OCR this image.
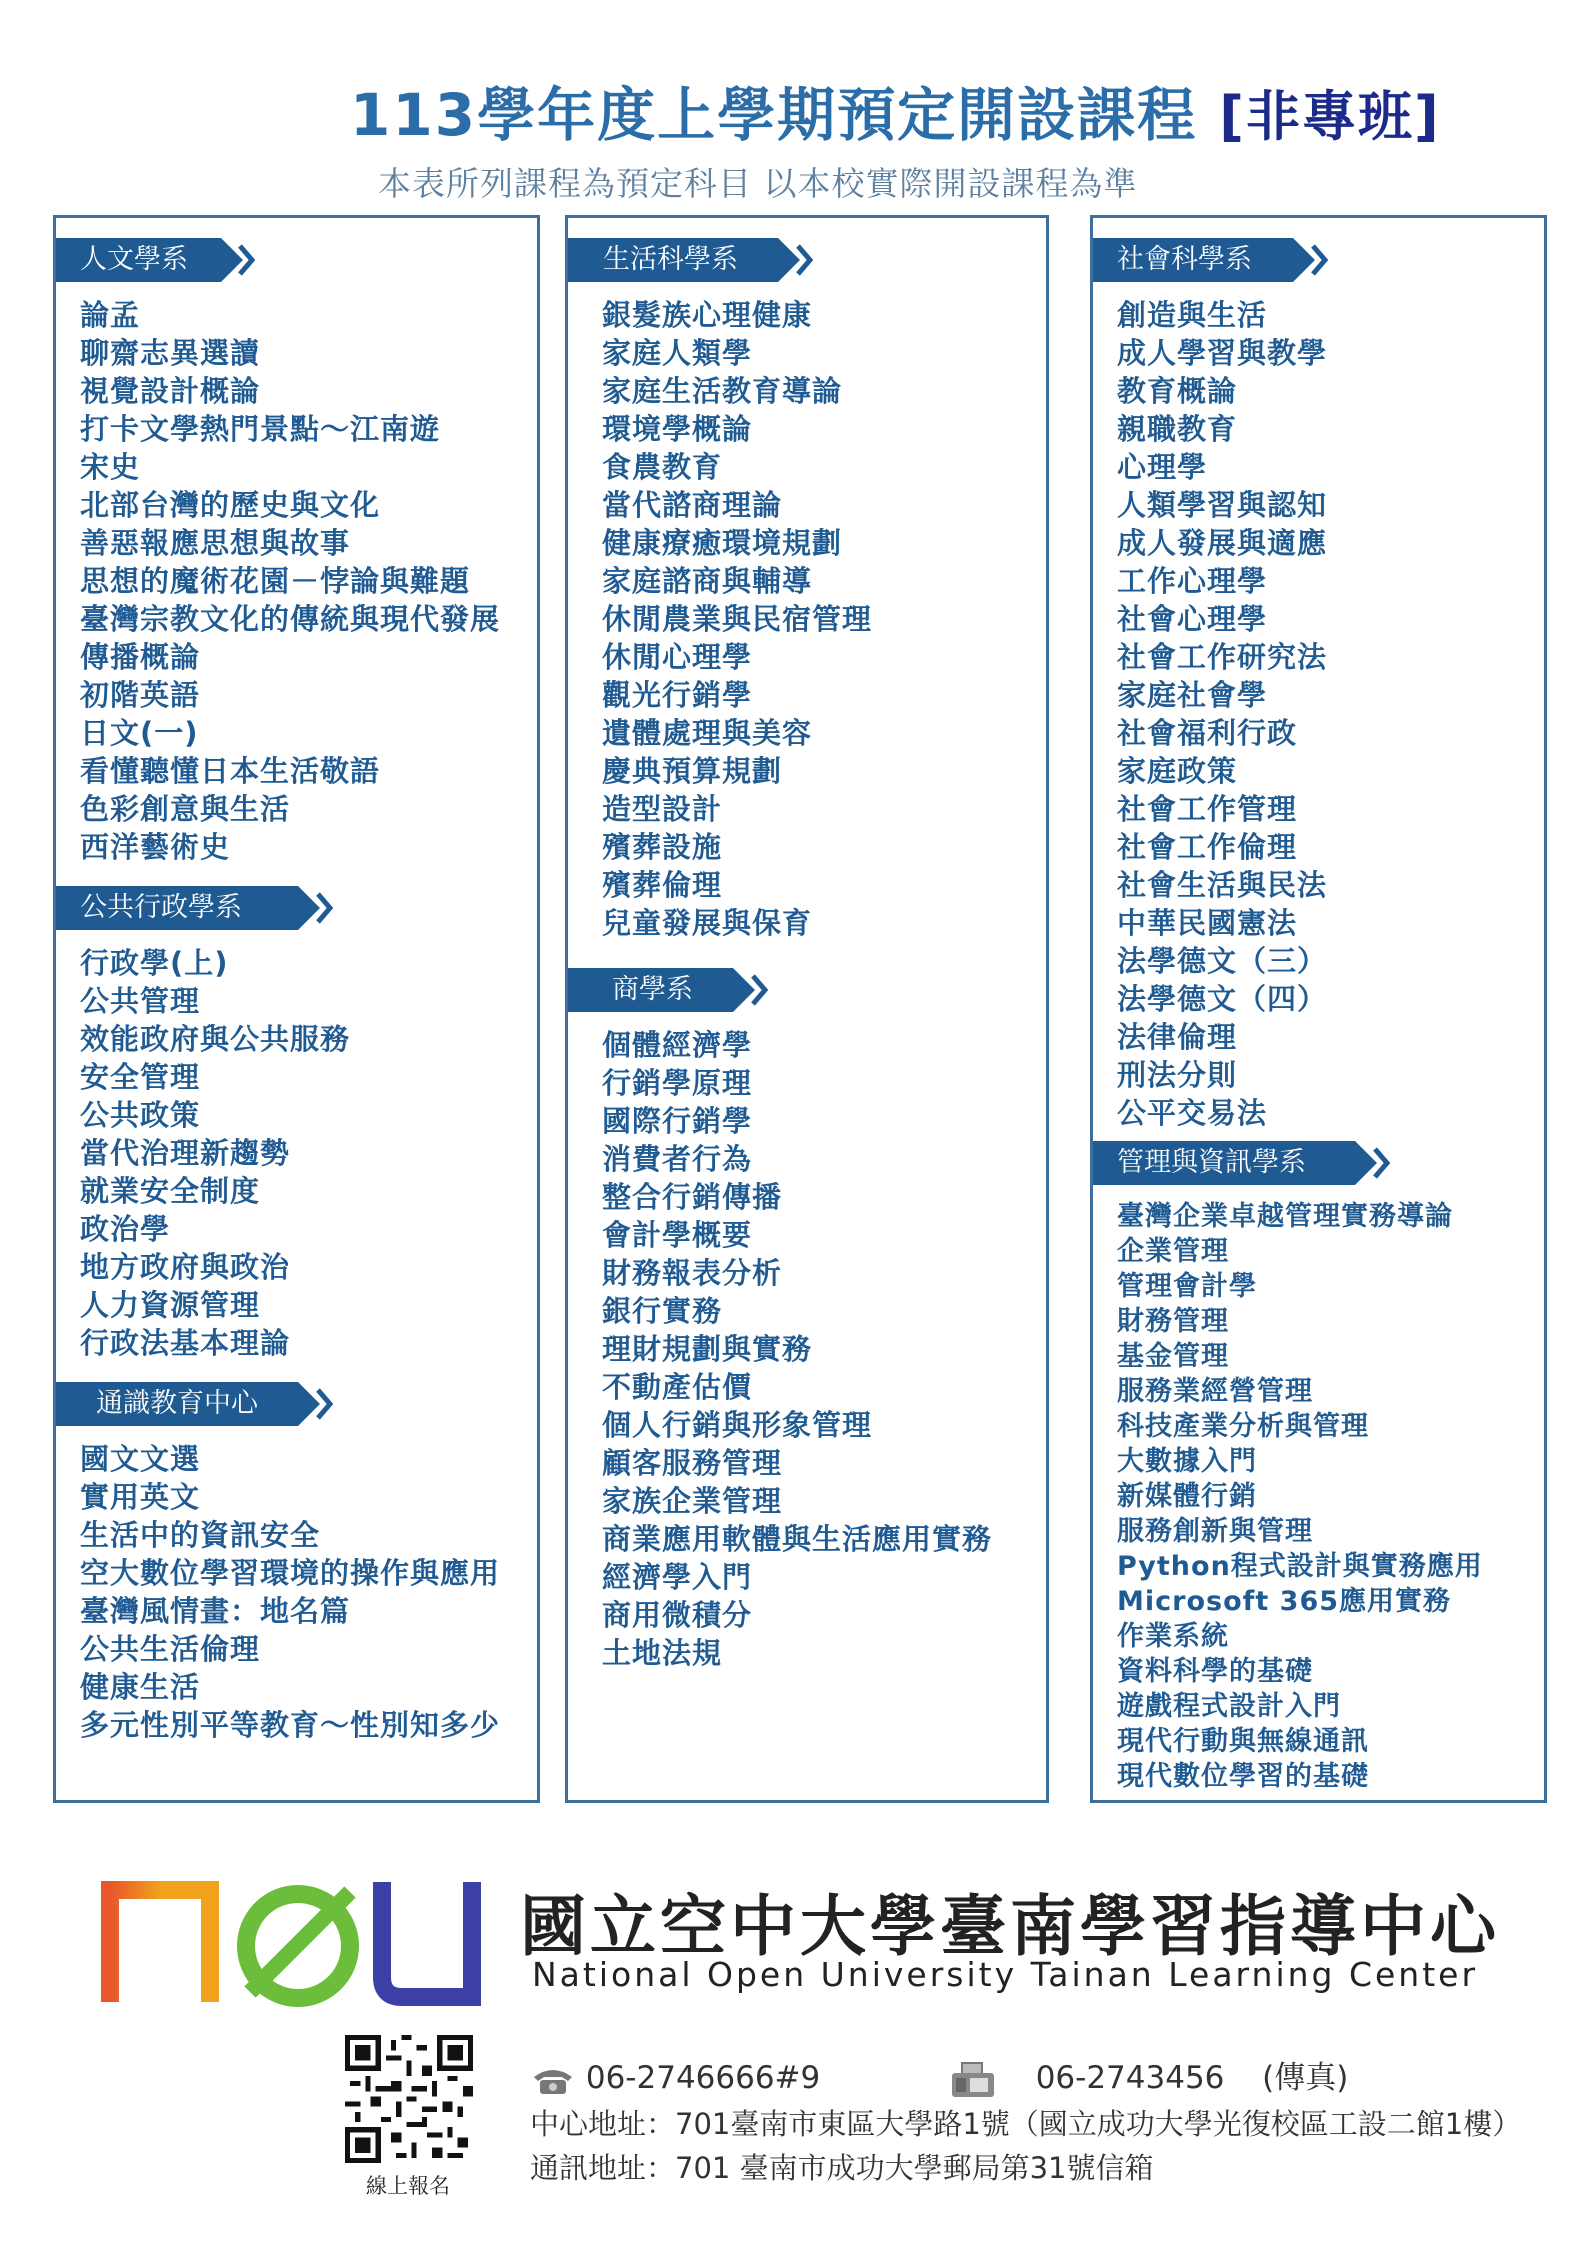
113學年度上學期預定開設課程 [非專班]
本表所列課程為預定科目 以本校實際開設課程為準
人文學系
論孟
聊齋志異選讀
視覺設計概論
打卡文學熱門景點～江南遊
宋史
北部台灣的歷史與文化
善惡報應思想與故事
思想的魔術花園－悖論與難題
臺灣宗教文化的傳統與現代發展
傳播概論
初階英語
日文(一)
看懂聽懂日本生活敬語
色彩創意與生活
西洋藝術史
公共行政學系
行政學(上)
公共管理
效能政府與公共服務
安全管理
公共政策
當代治理新趨勢
就業安全制度
政治學
地方政府與政治
人力資源管理
行政法基本理論
通識教育中心
國文文選
實用英文
生活中的資訊安全
空大數位學習環境的操作與應用
臺灣風情畫：地名篇
公共生活倫理
健康生活
多元性別平等教育～性別知多少
生活科學系
銀髮族心理健康
家庭人類學
家庭生活教育導論
環境學概論
食農教育
當代諮商理論
健康療癒環境規劃
家庭諮商與輔導
休閒農業與民宿管理
休閒心理學
觀光行銷學
遺體處理與美容
慶典預算規劃
造型設計
殯葬設施
殯葬倫理
兒童發展與保育
商學系
個體經濟學
行銷學原理
國際行銷學
消費者行為
整合行銷傳播
會計學概要
財務報表分析
銀行實務
理財規劃與實務
不動產估價
個人行銷與形象管理
顧客服務管理
家族企業管理
商業應用軟體與生活應用實務
經濟學入門
商用微積分
土地法規
社會科學系
創造與生活
成人學習與教學
教育概論
親職教育
心理學
人類學習與認知
成人發展與適應
工作心理學
社會心理學
社會工作研究法
家庭社會學
社會福利行政
家庭政策
社會工作管理
社會工作倫理
社會生活與民法
中華民國憲法
法學德文（三）
法學德文（四）
法律倫理
刑法分則
公平交易法
管理與資訊學系
臺灣企業卓越管理實務導論
企業管理
管理會計學
財務管理
基金管理
服務業經營管理
科技產業分析與管理
大數據入門
新媒體行銷
服務創新與管理
Python程式設計與實務應用
Microsoft 365應用實務
作業系統
資料科學的基礎
遊戲程式設計入門
現代行動與無線通訊
現代數位學習的基礎
國立空中大學臺南學習指導中心
National Open University Tainan Learning Center
線上報名
06-2746666#9	06-2743456 (傳真)
中心地址：701臺南市東區大學路1號（國立成功大學光復校區工設二館1樓）
通訊地址：701 臺南市成功大學郵局第31號信箱
